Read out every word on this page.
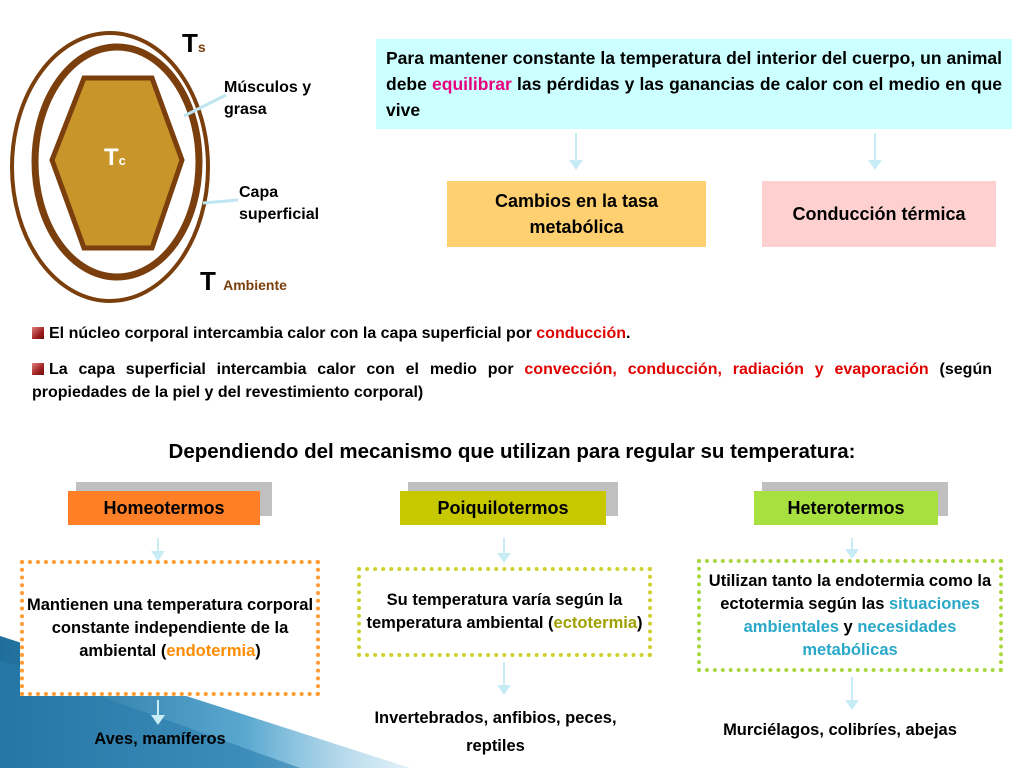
Ts
Tc
T Ambiente
Músculos y grasa
Capa superficial
Para mantener constante la temperatura del interior del cuerpo, un animal debe equilibrar las pérdidas y las ganancias de calor con el medio en que vive
Cambios en la tasa metabólica
Conducción térmica
El núcleo corporal intercambia calor con la capa superficial por conducción.
La capa superficial intercambia calor con el medio por convección, conducción, radiación y evaporación (según propiedades de la piel y del revestimiento corporal)
Dependiendo del mecanismo que utilizan para regular su temperatura:
Homeotermos	Poiquilotermos	Heterotermos
Mantienen una temperatura corporal constante independiente de la ambiental (endotermia)
Su temperatura varía según la temperatura ambiental (ectotermia)
Utilizan tanto la endotermia como la ectotermia según las situaciones ambientales y necesidades metabólicas
Aves, mamíferos
Invertebrados, anfibios, peces, reptiles
Murciélagos, colibríes, abejas
